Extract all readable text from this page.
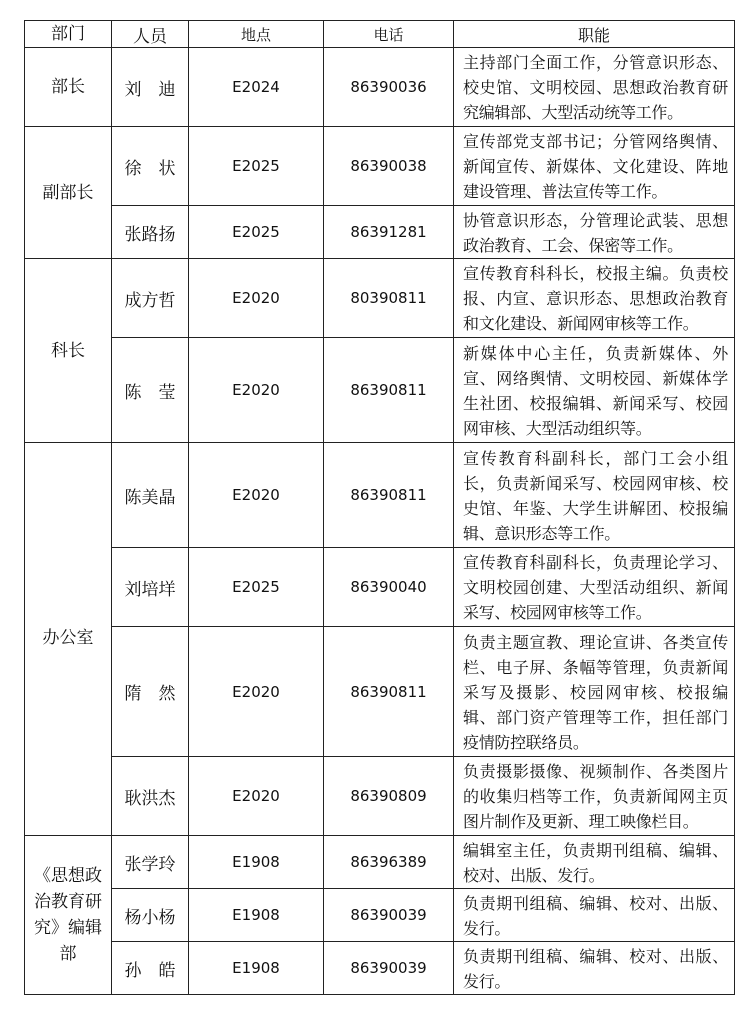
部门	人员	地点	电话	职能
部长	刘　迪	E2024	86390036	主持部门全面工作，分管意识形态、校史馆、文明校园、思想政治教育研究编辑部、大型活动统等工作。
副部长	徐　状	E2025	86390038	宣传部党支部书记；分管网络舆情、新闻宣传、新媒体、文化建设、阵地建设管理、普法宣传等工作。
	张路扬	E2025	86391281	协管意识形态，分管理论武装、思想政治教育、工会、保密等工作。
科长	成方哲	E2020	80390811	宣传教育科科长，校报主编。负责校报、内宣、意识形态、思想政治教育和文化建设、新闻网审核等工作。
	陈　莹	E2020	86390811	新媒体中心主任，负责新媒体、外宣、网络舆情、文明校园、新媒体学生社团、校报编辑、新闻采写、校园网审核、大型活动组织等。
办公室	陈美晶	E2020	86390811	宣传教育科副科长，部门工会小组长，负责新闻采写、校园网审核、校史馆、年鉴、大学生讲解团、校报编辑、意识形态等工作。
	刘培垟	E2025	86390040	宣传教育科副科长，负责理论学习、文明校园创建、大型活动组织、新闻采写、校园网审核等工作。
	隋　然	E2020	86390811	负责主题宣教、理论宣讲、各类宣传栏、电子屏、条幅等管理，负责新闻采写及摄影、校园网审核、校报编辑、部门资产管理等工作，担任部门疫情防控联络员。
	耿洪杰	E2020	86390809	负责摄影摄像、视频制作、各类图片的收集归档等工作，负责新闻网主页图片制作及更新、理工映像栏目。
《思想政治教育研究》编辑部	张学玲	E1908	86396389	编辑室主任，负责期刊组稿、编辑、校对、出版、发行。
	杨小杨	E1908	86390039	负责期刊组稿、编辑、校对、出版、发行。
	孙　皓	E1908	86390039	负责期刊组稿、编辑、校对、出版、发行。
